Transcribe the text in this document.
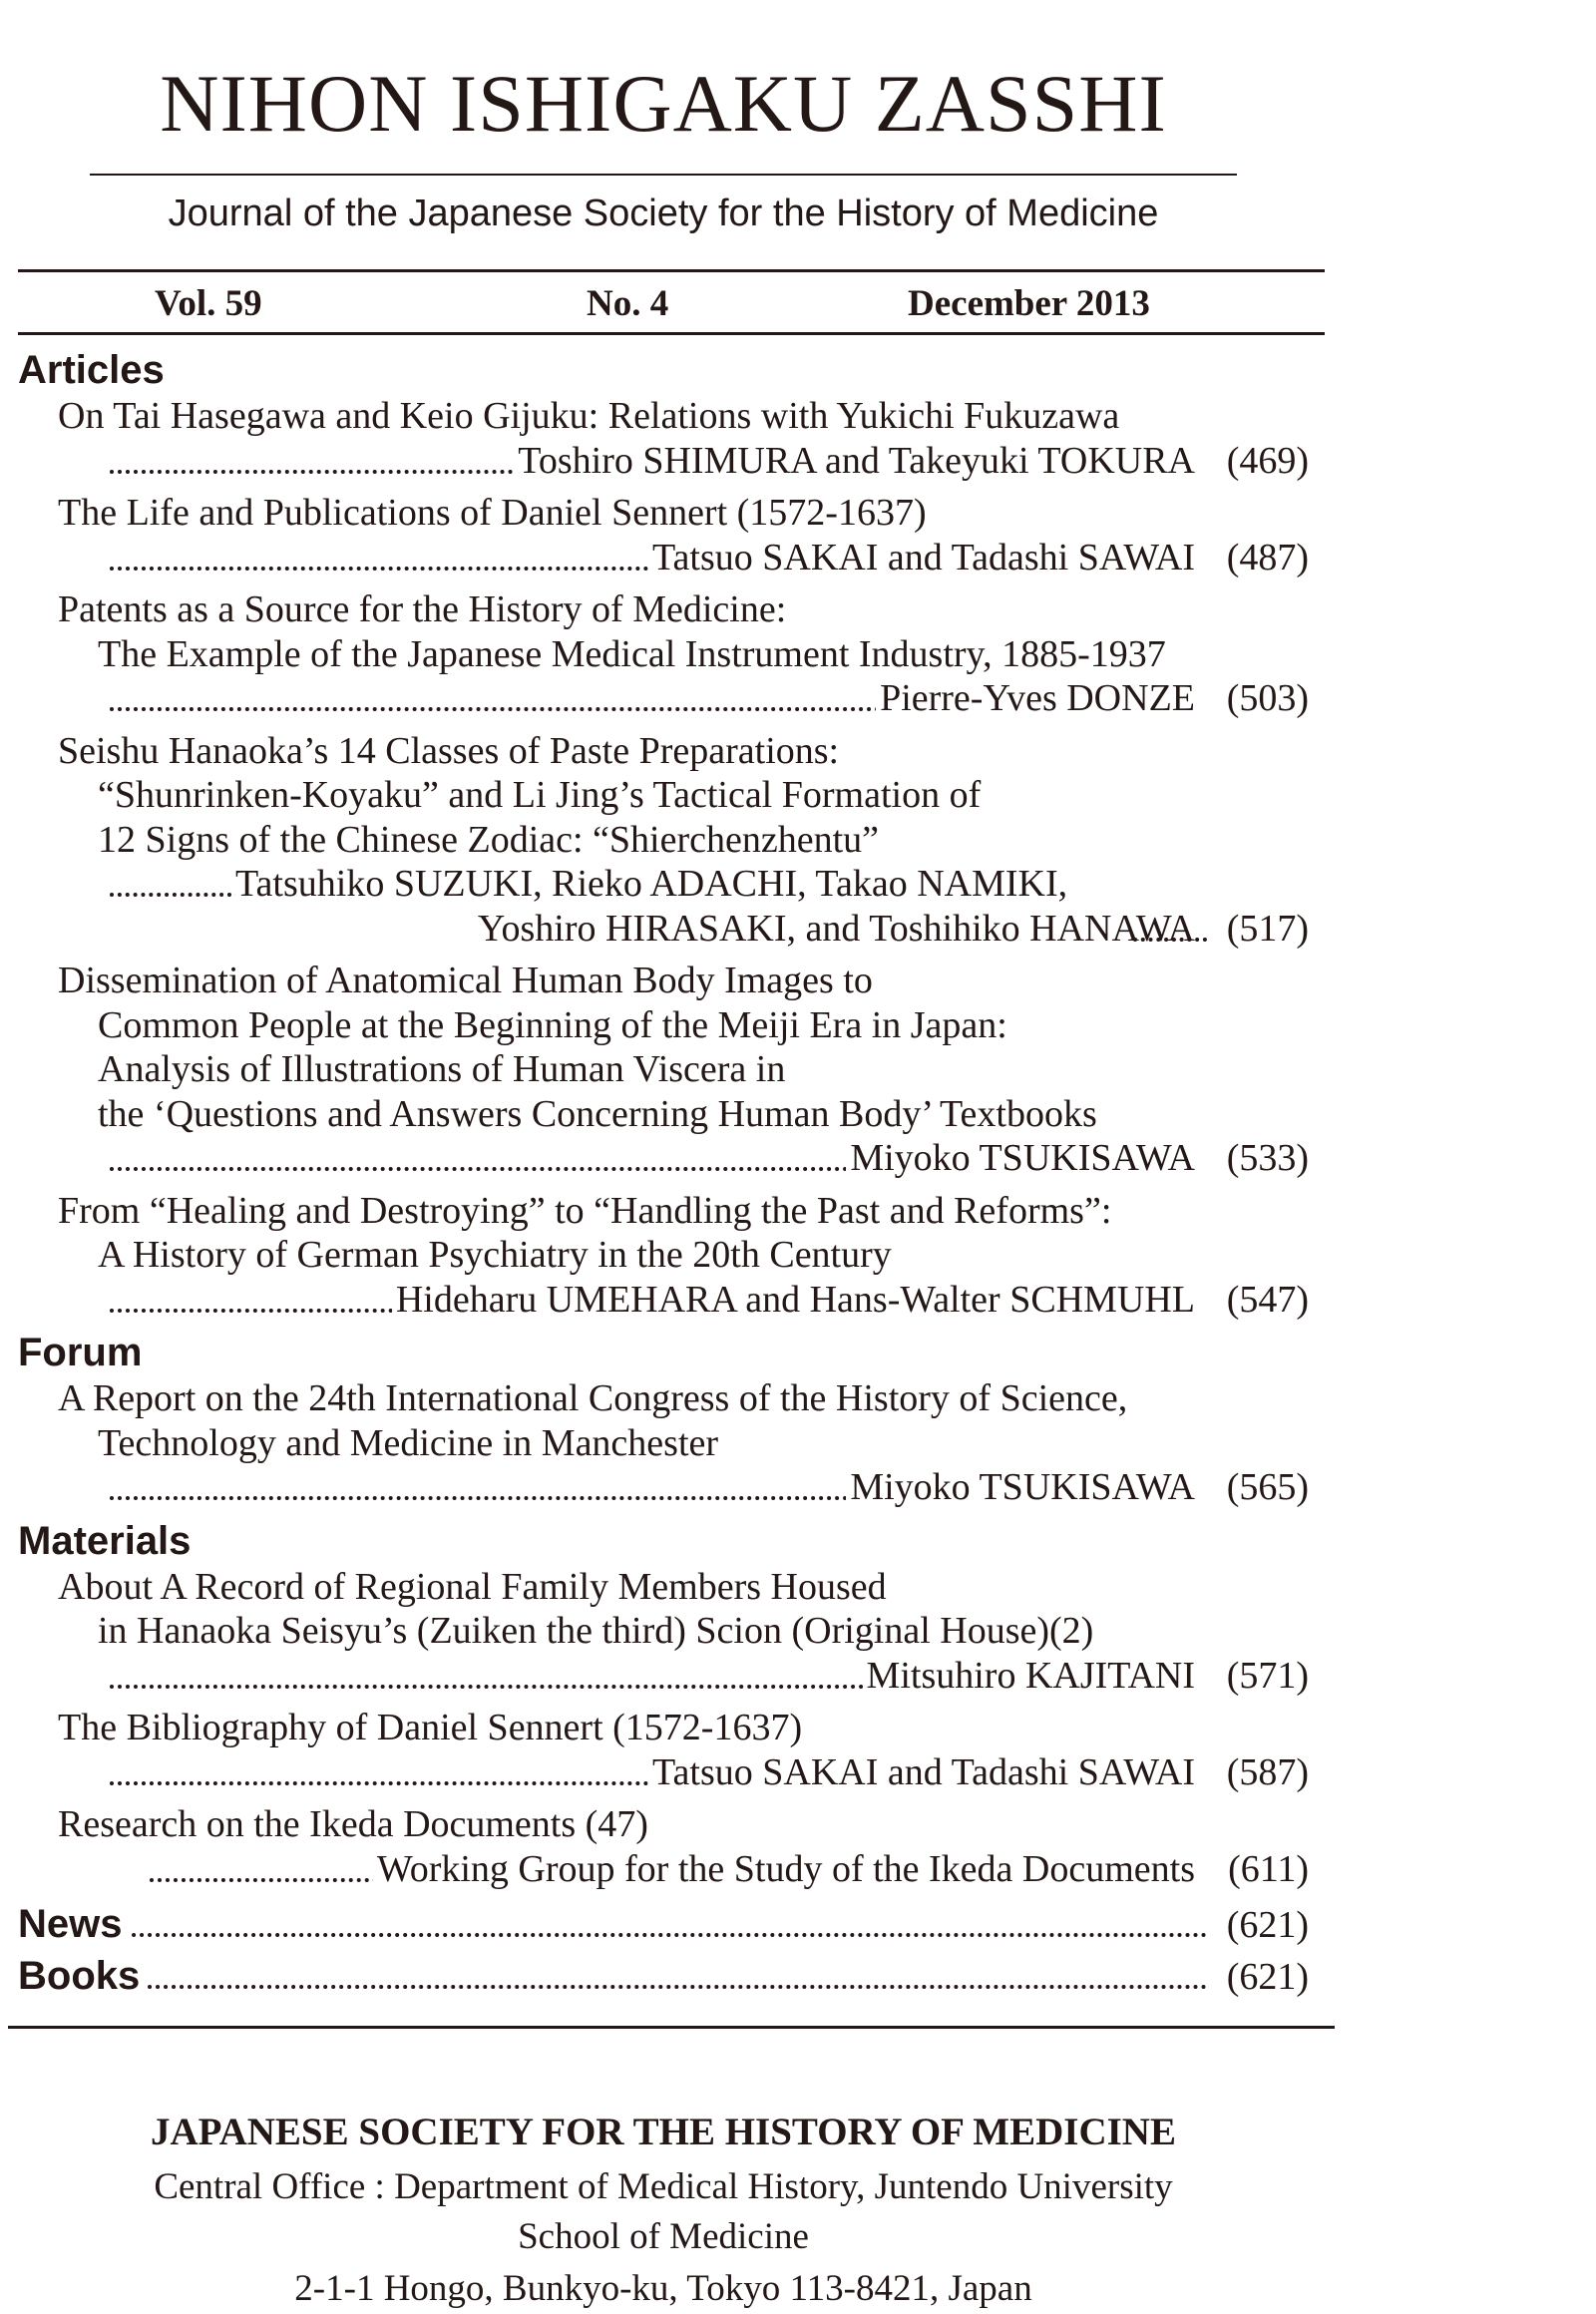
NIHON ISHIGAKU ZASSHI
Journal of the Japanese Society for the History of Medicine
Vol. 59	No. 4	December 2013
Articles
On Tai Hasegawa and Keio Gijuku: Relations with Yukichi Fukuzawa
Toshiro SHIMURA and Takeyuki TOKURA (469)
The Life and Publications of Daniel Sennert (1572-1637)
Tatsuo SAKAI and Tadashi SAWAI (487)
Patents as a Source for the History of Medicine:
The Example of the Japanese Medical Instrument Industry, 1885-1937
Pierre-Yves DONZE (503)
Seishu Hanaoka’s 14 Classes of Paste Preparations:
“Shunrinken-Koyaku” and Li Jing’s Tactical Formation of
12 Signs of the Chinese Zodiac: “Shierchenzhentu”
Tatsuhiko SUZUKI, Rieko ADACHI, Takao NAMIKI,
Yoshiro HIRASAKI, and Toshihiko HANAWA (517)
Dissemination of Anatomical Human Body Images to
Common People at the Beginning of the Meiji Era in Japan:
Analysis of Illustrations of Human Viscera in
the ‘Questions and Answers Concerning Human Body’ Textbooks
Miyoko TSUKISAWA (533)
From “Healing and Destroying” to “Handling the Past and Reforms”:
A History of German Psychiatry in the 20th Century
Hideharu UMEHARA and Hans-Walter SCHMUHL (547)
Forum
A Report on the 24th International Congress of the History of Science,
Technology and Medicine in Manchester
Miyoko TSUKISAWA (565)
Materials
About A Record of Regional Family Members Housed
in Hanaoka Seisyu’s (Zuiken the third) Scion (Original House)(2)
Mitsuhiro KAJITANI (571)
The Bibliography of Daniel Sennert (1572-1637)
Tatsuo SAKAI and Tadashi SAWAI (587)
Research on the Ikeda Documents (47)
Working Group for the Study of the Ikeda Documents (611)
News	(621)
Books	(621)
JAPANESE SOCIETY FOR THE HISTORY OF MEDICINE
Central Office : Department of Medical History, Juntendo University
School of Medicine
2-1-1 Hongo, Bunkyo-ku, Tokyo 113-8421, Japan
